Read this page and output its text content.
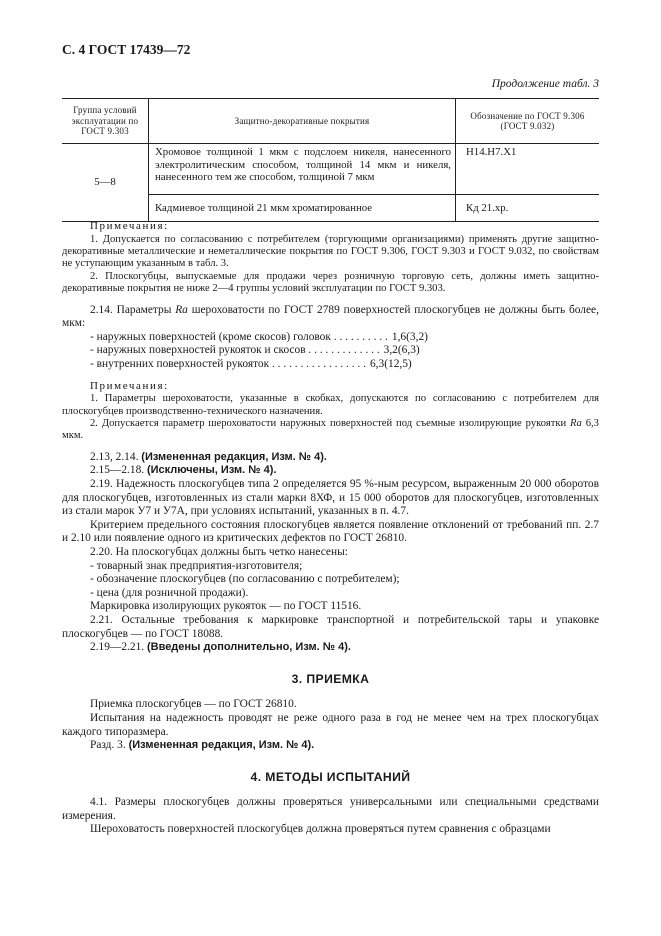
С. 4 ГОСТ 17439—72
Продолжение табл. 3
Группа условий эксплуатации по ГОСТ 9.303	Защитно-декоративные покрытия	Обозначение по ГОСТ 9.306 (ГОСТ 9.032)
5—8	Хромовое толщиной 1 мкм с подслоем никеля, нанесенного электролитическим способом, толщиной 14 мкм и никеля, нанесенного тем же способом, толщиной 7 мкм	Н14.Н7.Х1
	Кадмиевое толщиной 21 мкм хроматированное	Кд 21.хр.
Примечания:

1. Допускается по согласованию с потребителем (торгующими организациями) применять другие защитно-декоративные металлические и неметаллические покрытия по ГОСТ 9.306, ГОСТ 9.303 и ГОСТ 9.032, по свойствам не уступающим указанным в табл. 3.

2. Плоскогубцы, выпускаемые для продажи через розничную торговую сеть, должны иметь защитно-декоративные покрытия не ниже 2—4 группы условий эксплуатации по ГОСТ 9.303.

2.14. Параметры Ra шероховатости по ГОСТ 2789 поверхностей плоскогубцев не должны быть более, мкм:

- наружных поверхностей (кроме скосов) головок . . . . . . . . . . 1,6(3,2)
- наружных поверхностей рукояток и скосов . . . . . . . . . . . . . 3,2(6,3)
- внутренних поверхностей рукояток . . . . . . . . . . . . . . . . . 6,3(12,5)
Примечания:

1. Параметры шероховатости, указанные в скобках, допускаются по согласованию с потребителем для плоскогубцев производственно-технического назначения.

2. Допускается параметр шероховатости наружных поверхностей под съемные изолирующие рукоятки Ra 6,3 мкм.

2.13, 2.14. (Измененная редакция, Изм. № 4).

2.15—2.18. (Исключены, Изм. № 4).

2.19. Надежность плоскогубцев типа 2 определяется 95 %-ным ресурсом, выраженным 20 000 оборотов для плоскогубцев, изготовленных из стали марки 8ХФ, и 15 000 оборотов для плоскогубцев, изготовленных из стали марок У7 и У7А, при условиях испытаний, указанных в п. 4.7.

Критерием предельного состояния плоскогубцев является появление отклонений от требований пп. 2.7 и 2.10 или появление одного из критических дефектов по ГОСТ 26810.

2.20. На плоскогубцах должны быть четко нанесены:

- товарный знак предприятия-изготовителя;
- обозначение плоскогубцев (по согласованию с потребителем);
- цена (для розничной продажи).

Маркировка изолирующих рукояток — по ГОСТ 11516.

2.21. Остальные требования к маркировке транспортной и потребительской тары и упаковке плоскогубцев — по ГОСТ 18088.

2.19—2.21. (Введены дополнительно, Изм. № 4).

3. ПРИЕМКА

Приемка плоскогубцев — по ГОСТ 26810.

Испытания на надежность проводят не реже одного раза в год не менее чем на трех плоскогубцах каждого типоразмера.

Разд. 3. (Измененная редакция, Изм. № 4).

4. МЕТОДЫ ИСПЫТАНИЙ

4.1. Размеры плоскогубцев должны проверяться универсальными или специальными средствами измерения.

Шероховатость поверхностей плоскогубцев должна проверяться путем сравнения с образцами
